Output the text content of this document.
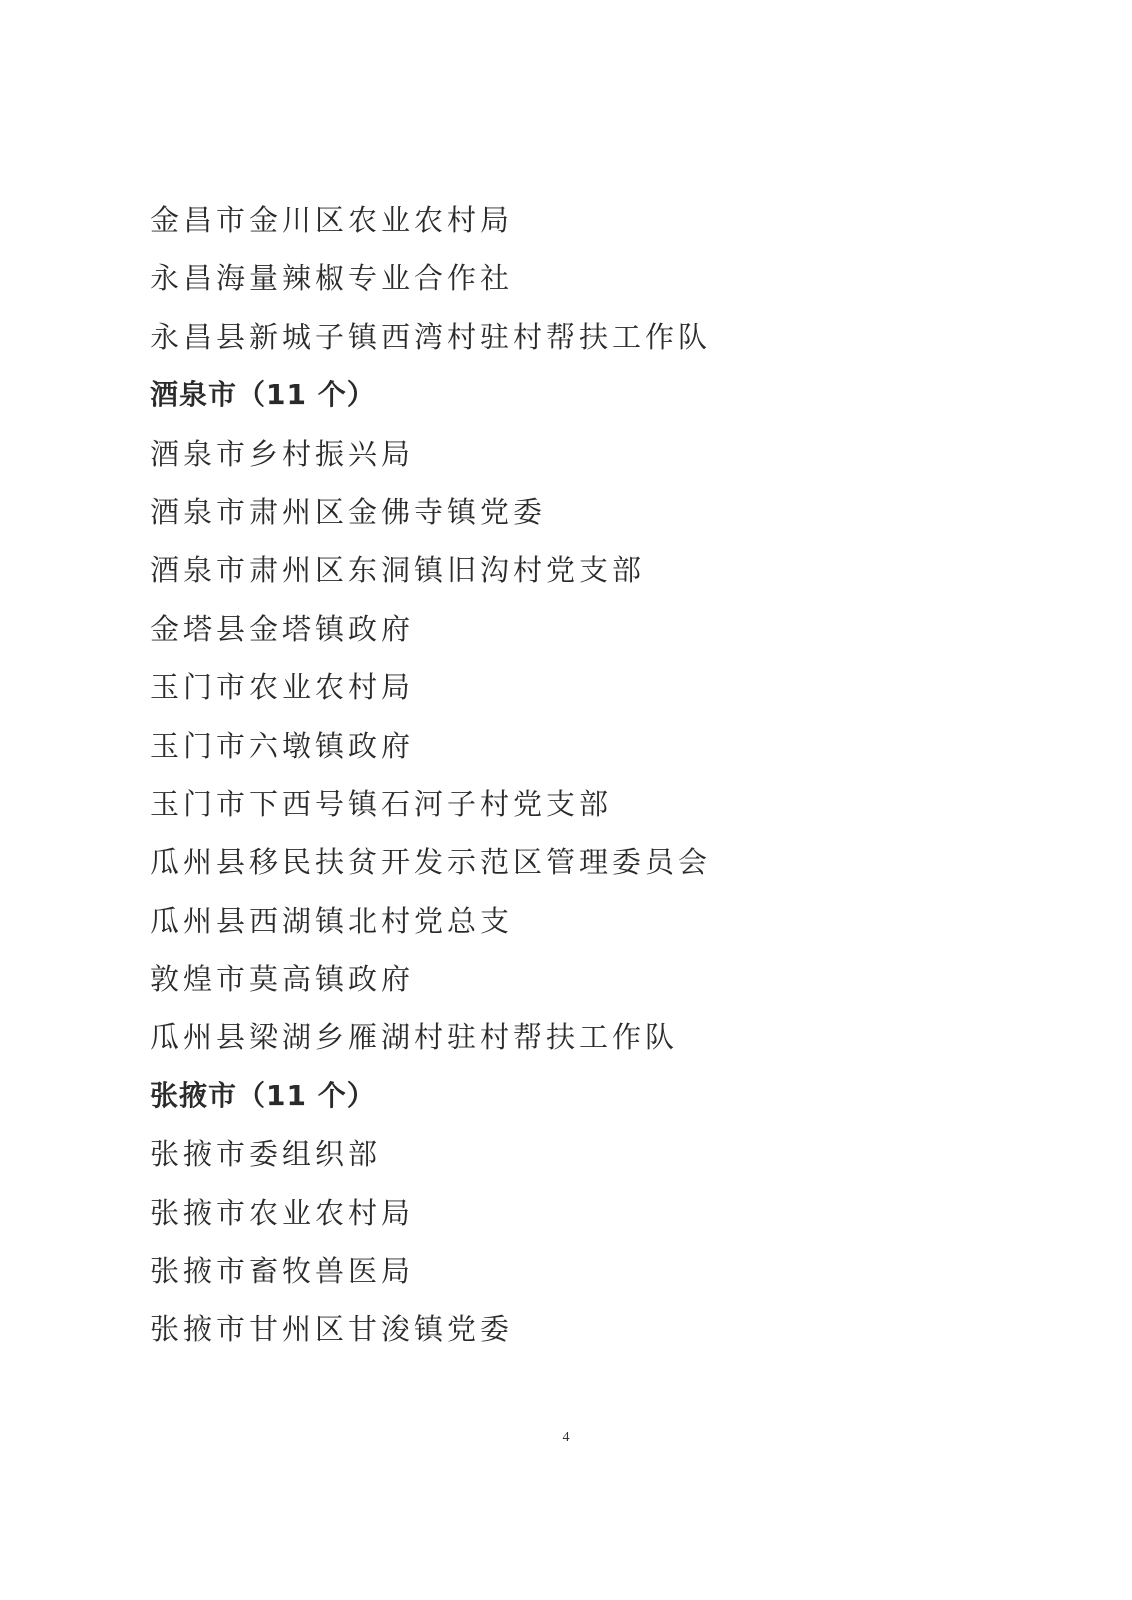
金昌市金川区农业农村局
永昌海量辣椒专业合作社
永昌县新城子镇西湾村驻村帮扶工作队
酒泉市（11 个）
酒泉市乡村振兴局
酒泉市肃州区金佛寺镇党委
酒泉市肃州区东洞镇旧沟村党支部
金塔县金塔镇政府
玉门市农业农村局
玉门市六墩镇政府
玉门市下西号镇石河子村党支部
瓜州县移民扶贫开发示范区管理委员会
瓜州县西湖镇北村党总支
敦煌市莫高镇政府
瓜州县梁湖乡雁湖村驻村帮扶工作队
张掖市（11 个）
张掖市委组织部
张掖市农业农村局
张掖市畜牧兽医局
张掖市甘州区甘浚镇党委
4
